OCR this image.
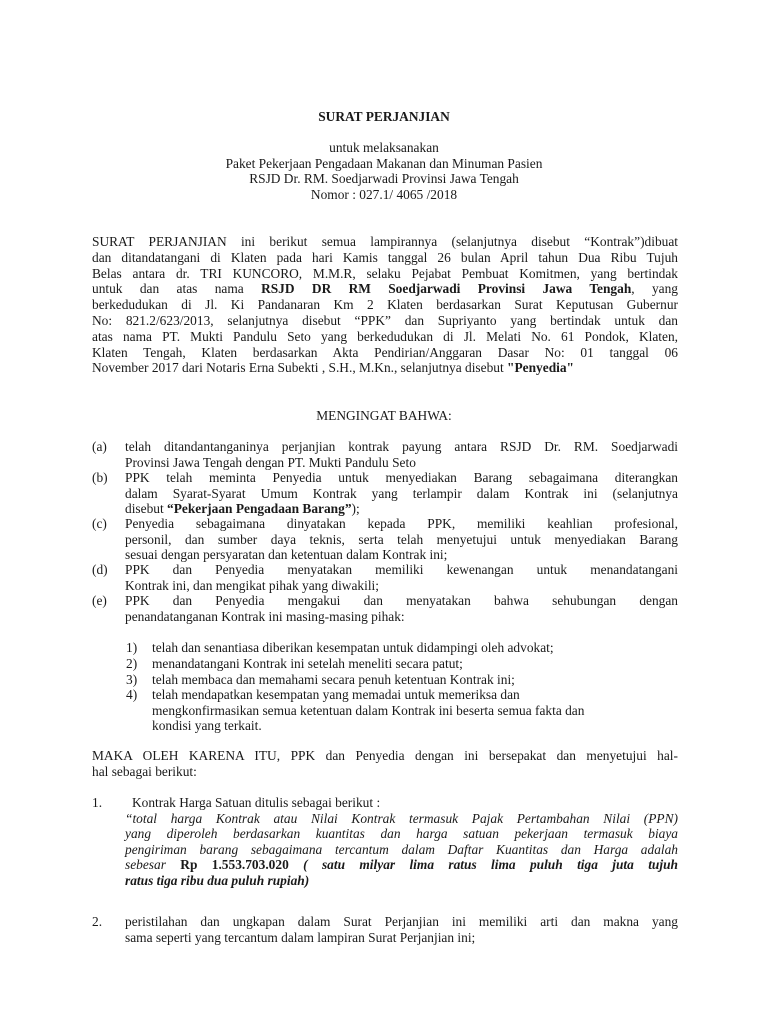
SURAT PERJANJIAN
untuk melaksanakan
Paket Pekerjaan Pengadaan Makanan dan Minuman Pasien
RSJD Dr. RM. Soedjarwadi Provinsi Jawa Tengah
Nomor : 027.1/ 4065 /2018
SURAT PERJANJIAN ini berikut semua lampirannya (selanjutnya disebut “Kontrak”)dibuat
dan ditandatangani di Klaten pada hari Kamis tanggal 26 bulan April tahun Dua Ribu Tujuh
Belas antara dr. TRI KUNCORO, M.M.R, selaku Pejabat Pembuat Komitmen, yang bertindak
untuk dan atas nama RSJD DR RM Soedjarwadi Provinsi Jawa Tengah, yang
berkedudukan di Jl. Ki Pandanaran Km 2 Klaten berdasarkan Surat Keputusan Gubernur
No: 821.2/623/2013, selanjutnya disebut “PPK” dan Supriyanto yang bertindak untuk dan
atas nama PT. Mukti Pandulu Seto yang berkedudukan di Jl. Melati No. 61 Pondok, Klaten,
Klaten Tengah, Klaten berdasarkan Akta Pendirian/Anggaran Dasar No: 01 tanggal 06
November 2017 dari Notaris Erna Subekti , S.H., M.Kn., selanjutnya disebut "Penyedia"
MENGINGAT BAHWA:
(a)	telah ditandantanganinya perjanjian kontrak payung antara RSJD Dr. RM. Soedjarwadi
Provinsi Jawa Tengah dengan PT. Mukti Pandulu Seto
(b)	PPK telah meminta Penyedia untuk menyediakan Barang sebagaimana diterangkan
dalam Syarat-Syarat Umum Kontrak yang terlampir dalam Kontrak ini (selanjutnya
disebut “Pekerjaan Pengadaan Barang”);
(c)	Penyedia sebagaimana dinyatakan kepada PPK, memiliki keahlian profesional,
personil, dan sumber daya teknis, serta telah menyetujui untuk menyediakan Barang
sesuai dengan persyaratan dan ketentuan dalam Kontrak ini;
(d)	PPK dan Penyedia menyatakan memiliki kewenangan untuk menandatangani
Kontrak ini, dan mengikat pihak yang diwakili;
(e)	PPK dan Penyedia mengakui dan menyatakan bahwa sehubungan dengan
penandatanganan Kontrak ini masing-masing pihak:
1)	telah dan senantiasa diberikan kesempatan untuk didampingi oleh advokat;
2)	menandatangani Kontrak ini setelah meneliti secara patut;
3)	telah membaca dan memahami secara penuh ketentuan Kontrak ini;
4)	telah mendapatkan kesempatan yang memadai untuk memeriksa dan
mengkonfirmasikan semua ketentuan dalam Kontrak ini beserta semua fakta dan
kondisi yang terkait.
MAKA OLEH KARENA ITU, PPK dan Penyedia dengan ini bersepakat dan menyetujui hal-
hal sebagai berikut:
1.	Kontrak Harga Satuan ditulis sebagai berikut :
“total harga Kontrak atau Nilai Kontrak termasuk Pajak Pertambahan Nilai (PPN)
yang diperoleh berdasarkan kuantitas dan harga satuan pekerjaan termasuk biaya
pengiriman barang sebagaimana tercantum dalam Daftar Kuantitas dan Harga adalah
sebesar Rp 1.553.703.020 ( satu milyar lima ratus lima puluh tiga juta tujuh
ratus tiga ribu dua puluh rupiah)
2.	peristilahan dan ungkapan dalam Surat Perjanjian ini memiliki arti dan makna yang
sama seperti yang tercantum dalam lampiran Surat Perjanjian ini;
